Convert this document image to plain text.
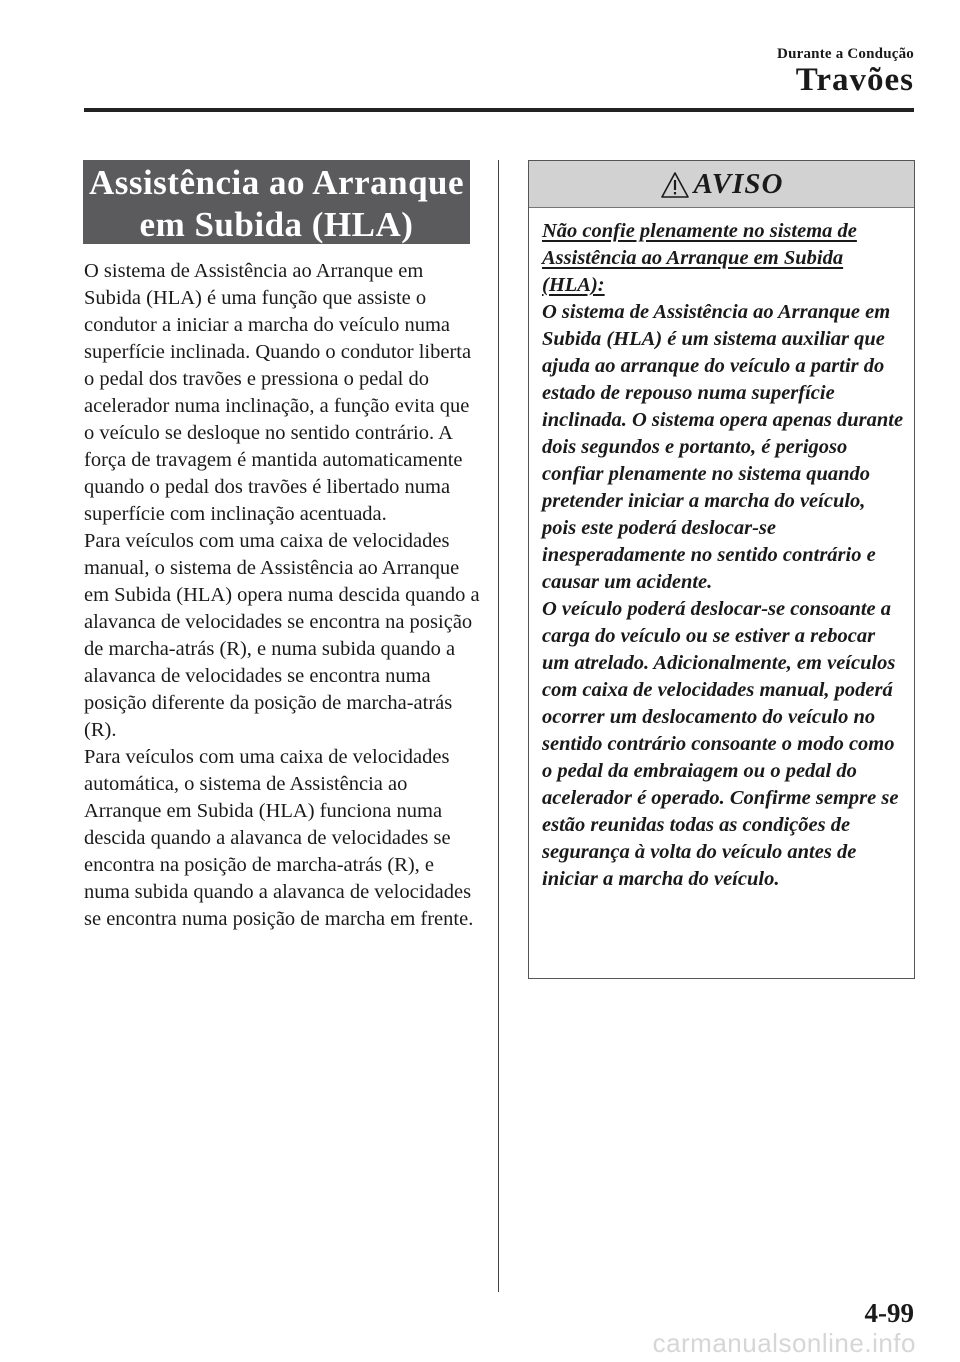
Durante a Condução
Travões
Assistência ao Arranque
em Subida (HLA)

O sistema de Assistência ao Arranque em Subida (HLA) é uma função que assiste o condutor a iniciar a marcha do veículo numa superfície inclinada. Quando o condutor liberta o pedal dos travões e pressiona o pedal do acelerador numa inclinação, a função evita que o veículo se desloque no sentido contrário. A força de travagem é mantida automaticamente quando o pedal dos travões é libertado numa superfície com inclinação acentuada.

Para veículos com uma caixa de velocidades manual, o sistema de Assistência ao Arranque em Subida (HLA) opera numa descida quando a alavanca de velocidades se encontra na posição de marcha-atrás (R), e numa subida quando a alavanca de velocidades se encontra numa posição diferente da posição de marcha-atrás (R).

Para veículos com uma caixa de velocidades automática, o sistema de Assistência ao Arranque em Subida (HLA) funciona numa descida quando a alavanca de velocidades se encontra na posição de marcha-atrás (R), e numa subida quando a alavanca de velocidades se encontra numa posição de marcha em frente.

AVISO

Não confie plenamente no sistema de Assistência ao Arranque em Subida (HLA):

O sistema de Assistência ao Arranque em Subida (HLA) é um sistema auxiliar que ajuda ao arranque do veículo a partir do estado de repouso numa superfície inclinada. O sistema opera apenas durante dois segundos e portanto, é perigoso confiar plenamente no sistema quando pretender iniciar a marcha do veículo, pois este poderá deslocar-se inesperadamente no sentido contrário e causar um acidente.

O veículo poderá deslocar-se consoante a carga do veículo ou se estiver a rebocar um atrelado. Adicionalmente, em veículos com caixa de velocidades manual, poderá ocorrer um deslocamento do veículo no sentido contrário consoante o modo como o pedal da embraiagem ou o pedal do acelerador é operado. Confirme sempre se estão reunidas todas as condições de segurança à volta do veículo antes de iniciar a marcha do veículo.

4-99
carmanualsonline.info
